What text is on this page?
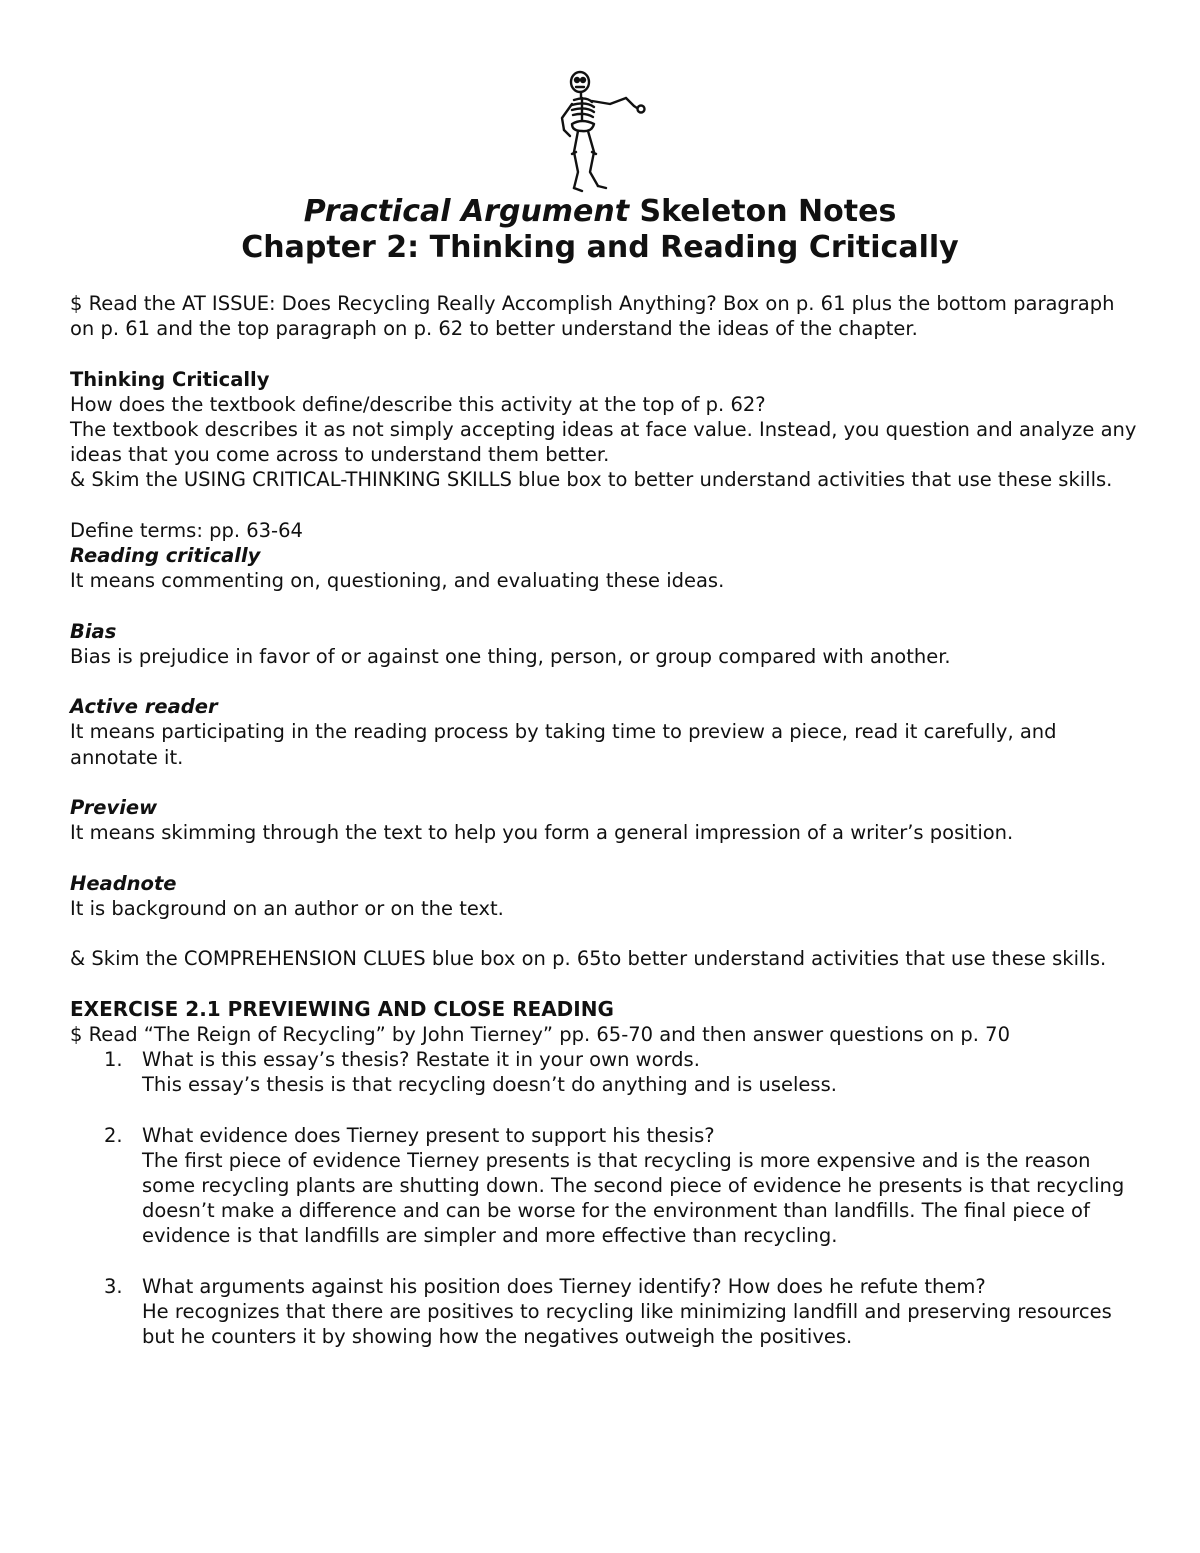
Practical Argument Skeleton Notes
Chapter 2: Thinking and Reading Critically

$ Read the AT ISSUE: Does Recycling Really Accomplish Anything? Box on p. 61 plus the bottom paragraph on p. 61 and the top paragraph on p. 62 to better understand the ideas of the chapter.

Thinking Critically

How does the textbook define/describe this activity at the top of p. 62?

The textbook describes it as not simply accepting ideas at face value. Instead, you question and analyze any ideas that you come across to understand them better.

& Skim the USING CRITICAL-THINKING SKILLS blue box to better understand activities that use these skills.

Define terms: pp. 63-64

Reading critically

It means commenting on, questioning, and evaluating these ideas.

Bias

Bias is prejudice in favor of or against one thing, person, or group compared with another.

Active reader

It means participating in the reading process by taking time to preview a piece, read it carefully, and annotate it.

Preview

It means skimming through the text to help you form a general impression of a writer’s position.

Headnote

It is background on an author or on the text.

& Skim the COMPREHENSION CLUES blue box on p. 65to better understand activities that use these skills.

EXERCISE 2.1 PREVIEWING AND CLOSE READING

$ Read “The Reign of Recycling” by John Tierney” pp. 65-70 and then answer questions on p. 70

1. What is this essay’s thesis? Restate it in your own words.

This essay’s thesis is that recycling doesn’t do anything and is useless.

2. What evidence does Tierney present to support his thesis?

The first piece of evidence Tierney presents is that recycling is more expensive and is the reason some recycling plants are shutting down. The second piece of evidence he presents is that recycling doesn’t make a difference and can be worse for the environment than landfills. The final piece of evidence is that landfills are simpler and more effective than recycling.

3. What arguments against his position does Tierney identify? How does he refute them?

He recognizes that there are positives to recycling like minimizing landfill and preserving resources but he counters it by showing how the negatives outweigh the positives.
